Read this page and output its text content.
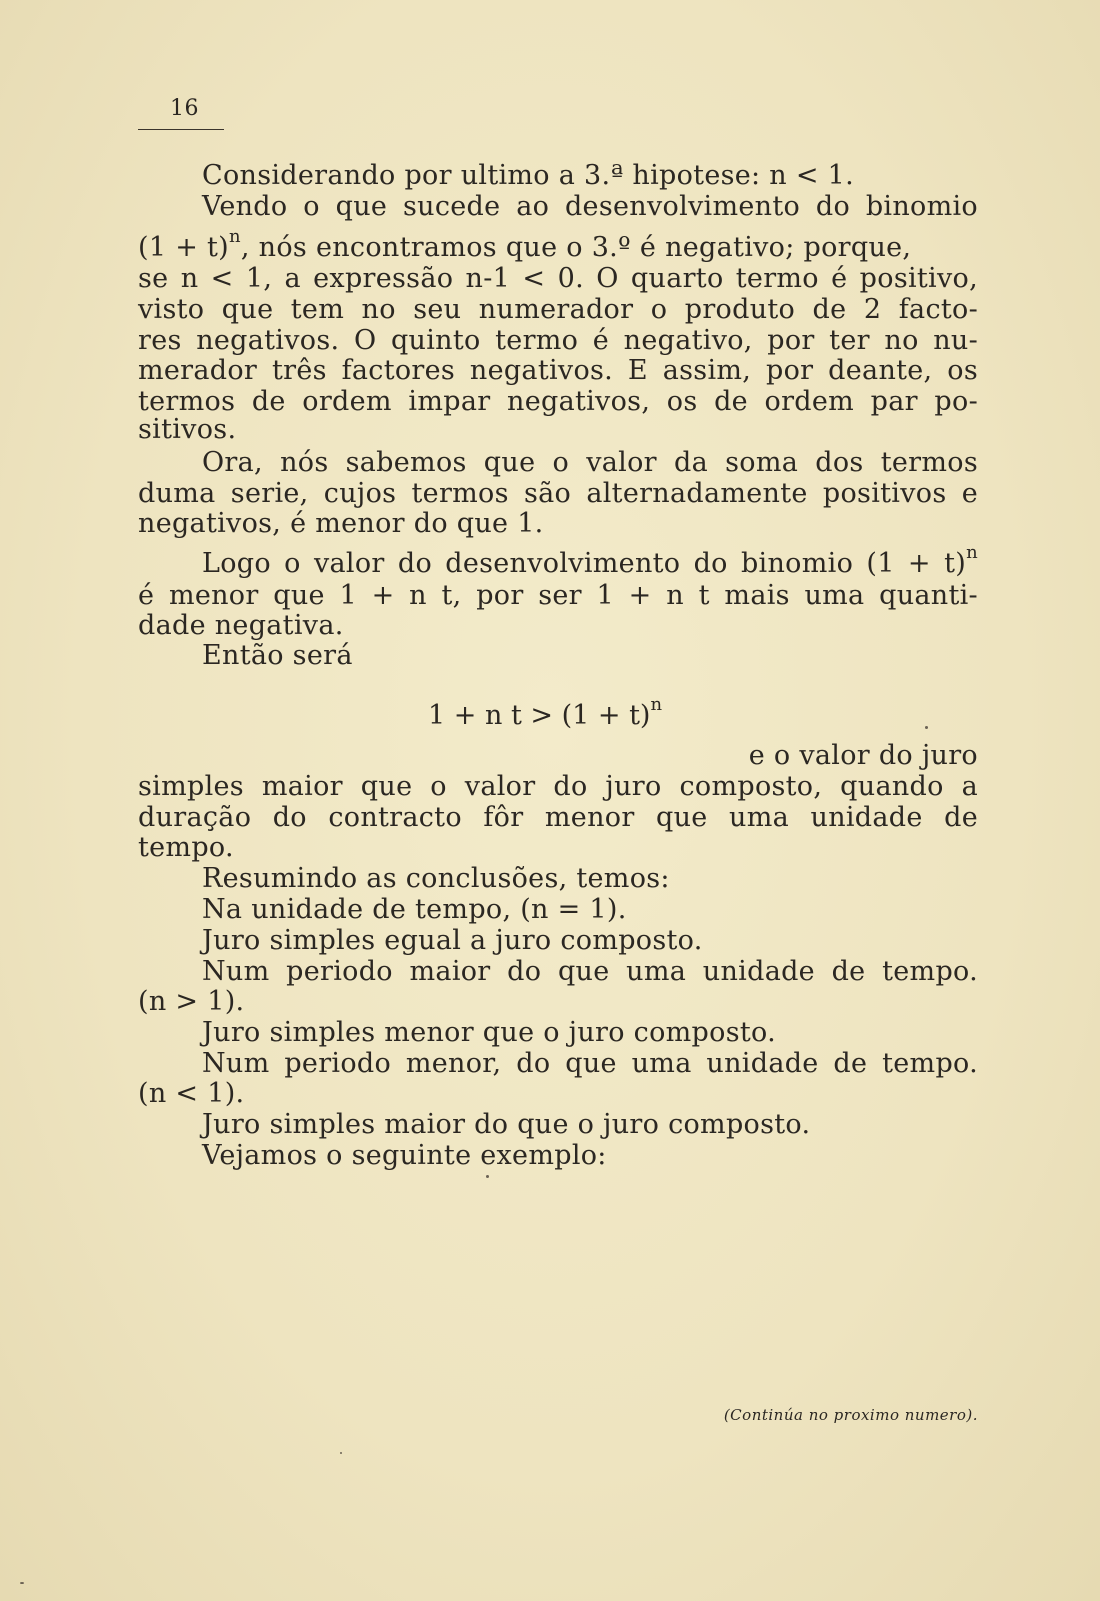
16
Considerando por ultimo a 3.ª hipotese: n < 1.
Vendo o que sucede ao desenvolvimento do binomio
$(1 + t)^n$, nós encontramos que o 3.º é negativo; porque,
se n < 1, a expressão n-1 < 0. O quarto termo é positivo,
visto que tem no seu numerador o produto de 2 facto-
res negativos. O quinto termo é negativo, por ter no nu-
merador três factores negativos. E assim, por deante, os
termos de ordem impar negativos, os de ordem par po-
sitivos.
Ora, nós sabemos que o valor da soma dos termos
duma serie, cujos termos são alternadamente positivos e
negativos, é menor do que 1.
Logo o valor do desenvolvimento do binomio $(1 + t)^n$
é menor que 1 + n t, por ser 1 + n t mais uma quanti-
dade negativa.
Então será
1 + n $t > (1 + t)^n$
e o valor do juro
simples maior que o valor do juro composto, quando a
duração do contracto fôr menor que uma unidade de
tempo.
Resumindo as conclusões, temos:
Na unidade de tempo, (n = 1).
Juro simples egual a juro composto.
Num periodo maior do que uma unidade de tempo.
(n > 1).
Juro simples menor que o juro composto.
Num periodo menor, do que uma unidade de tempo.
(n < 1).
Juro simples maior do que o juro composto.
Vejamos o seguinte exemplo:
(Continúa no proximo numero).
